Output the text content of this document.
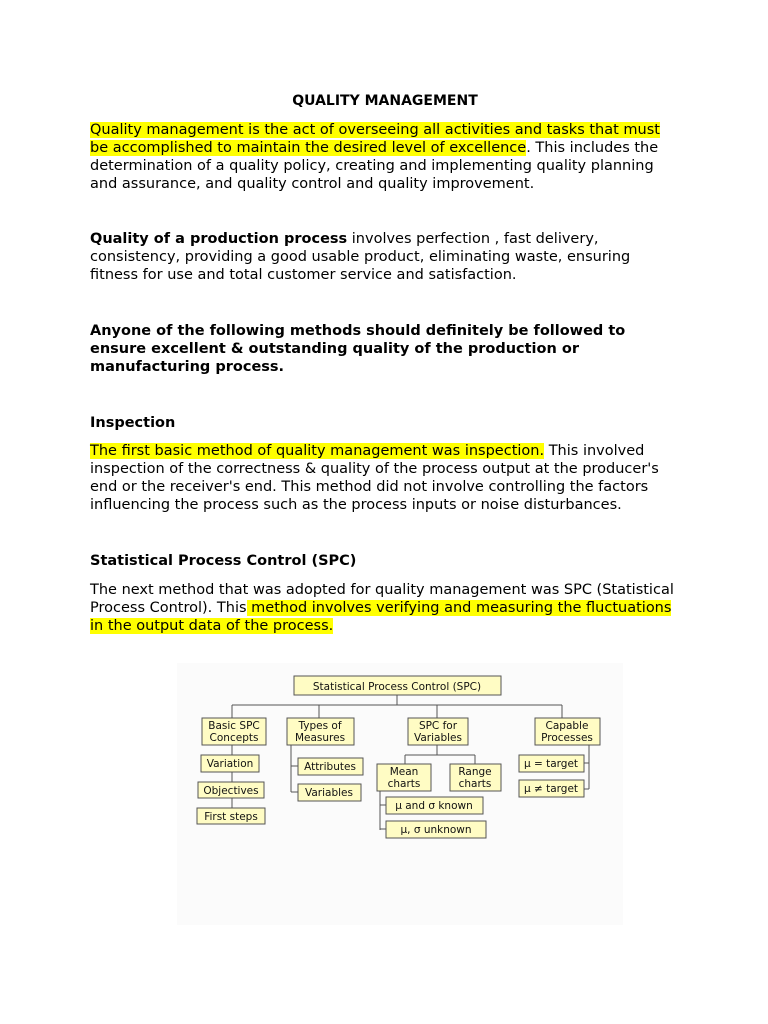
QUALITY MANAGEMENT

Quality management is the act of overseeing all activities and tasks that must be accomplished to maintain the desired level of excellence. This includes the determination of a quality policy, creating and implementing quality planning and assurance, and quality control and quality improvement.

Quality of a production process involves perfection , fast delivery, consistency, providing a good usable product, eliminating waste, ensuring fitness for use and total customer service and satisfaction.

Anyone of the following methods should definitely be followed to ensure excellent & outstanding quality of the production or manufacturing process.

Inspection

The first basic method of quality management was inspection. This involved inspection of the correctness & quality of the process output at the producer's end or the receiver's end. This method did not involve controlling the factors influencing the process such as the process inputs or noise disturbances.

Statistical Process Control (SPC)

The next method that was adopted for quality management was SPC (Statistical Process Control). This method involves verifying and measuring the fluctuations in the output data of the process.

Statistical Process Control (SPC)
Basic SPC
Concepts
Variation
Objectives
First steps
Types of
Measures
Attributes
Variables
SPC for
Variables
Mean
charts
Range
charts
μ and σ known
μ, σ unknown
Capable
Processes
μ = target
μ ≠ target
